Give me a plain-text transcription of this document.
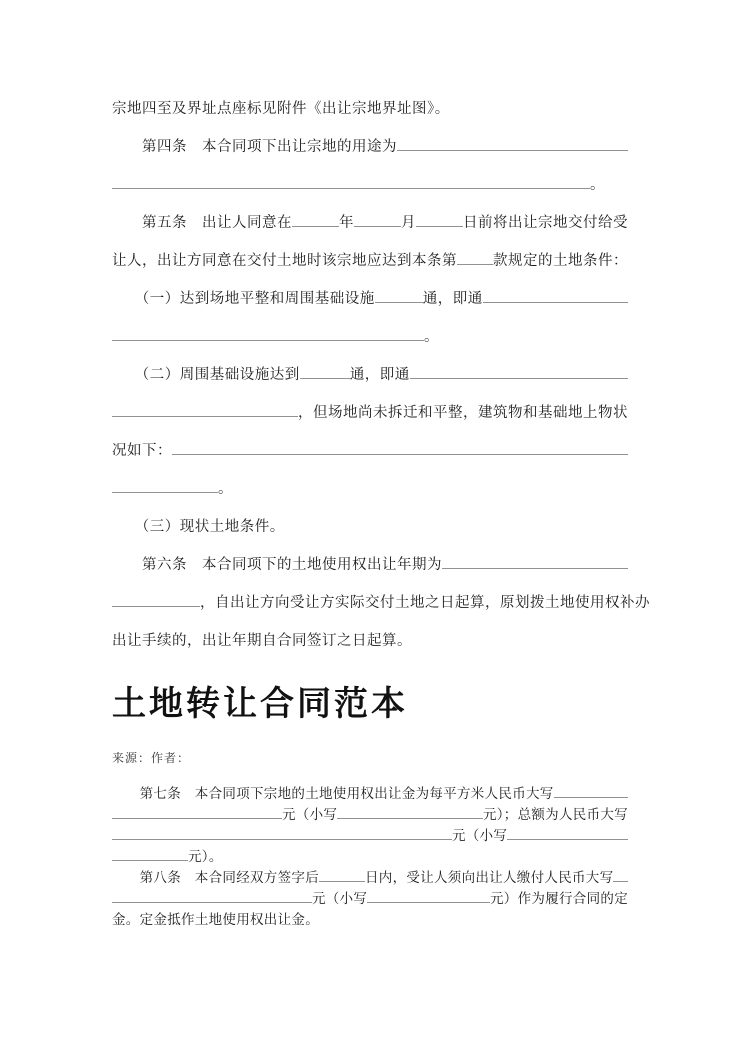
宗地四至及界址点座标见附件《出让宗地界址图》。
　　第四条　本合同项下出让宗地的用途为
。
　　第五条　出让人同意在	年	月	日前将出让宗地交付给受
让人，出让方同意在交付土地时该宗地应达到本条第 款规定的土地条件：
　　（一）达到场地平整和周围基础设施	通，即通
。
　　（二）周围基础设施达到	通，即通
，但场地尚未拆迁和平整，建筑物和基础地上物状
况如下：
。
　　（三）现状土地条件。
　　第六条　本合同项下的土地使用权出让年期为
，自出让方向受让方实际交付土地之日起算，原划拨土地使用权补办
出让手续的，出让年期自合同签订之日起算。
土地转让合同范本
来源：作者：
　　第七条　本合同项下宗地的土地使用权出让金为每平方米人民币大写
元（小写	元）；总额为人民币大写
元（小写
元）。
　　第八条　本合同经双方签字后	日内，受让人须向出让人缴付人民币大写
元（小写	元）作为履行合同的定
金。定金抵作土地使用权出让金。
